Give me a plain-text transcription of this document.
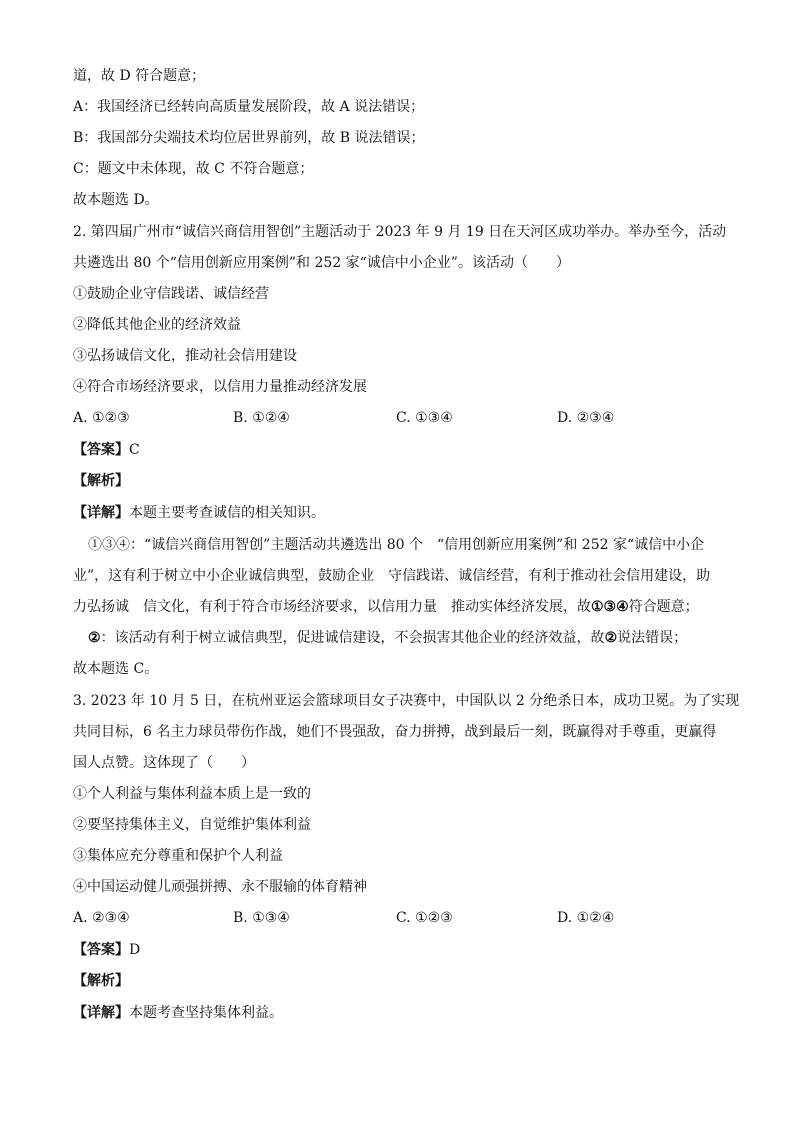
道，故 D 符合题意；
A：我国经济已经转向高质量发展阶段，故 A 说法错误；
B：我国部分尖端技术均位居世界前列，故 B 说法错误；
C：题文中未体现，故 C 不符合题意；
故本题选 D。
2. 第四届广州市“诚信兴商信用智创”主题活动于 2023 年 9 月 19 日在天河区成功举办。举办至今，活动
共遴选出 80 个“信用创新应用案例”和 252 家“诚信中小企业”。该活动（　　）
①鼓励企业守信践诺、诚信经营
②降低其他企业的经济效益
③弘扬诚信文化，推动社会信用建设
④符合市场经济要求，以信用力量推动经济发展
A. ①②③	B. ①②④	C. ①③④	D. ②③④
【答案】C
【解析】
【详解】本题主要考查诚信的相关知识。
①③④：“诚信兴商信用智创”主题活动共遴选出 80 个　“信用创新应用案例”和 252 家“诚信中小企
业”，这有利于树立中小企业诚信典型，鼓励企业　守信践诺、诚信经营，有利于推动社会信用建设，助
力弘扬诚　信文化，有利于符合市场经济要求，以信用力量　推动实体经济发展，故①③④符合题意；
②：该活动有利于树立诚信典型，促进诚信建设，不会损害其他企业的经济效益，故②说法错误；
故本题选 C。
3. 2023 年 10 月 5 日，在杭州亚运会篮球项目女子决赛中，中国队以 2 分绝杀日本，成功卫冕。为了实现
共同目标，6 名主力球员带伤作战，她们不畏强敌，奋力拼搏，战到最后一刻，既赢得对手尊重，更赢得
国人点赞。这体现了（　　）
①个人利益与集体利益本质上是一致的
②要坚持集体主义，自觉维护集体利益
③集体应充分尊重和保护个人利益
④中国运动健儿顽强拼搏、永不服输的体育精神
A. ②③④	B. ①③④	C. ①②③	D. ①②④
【答案】D
【解析】
【详解】本题考查坚持集体利益。
